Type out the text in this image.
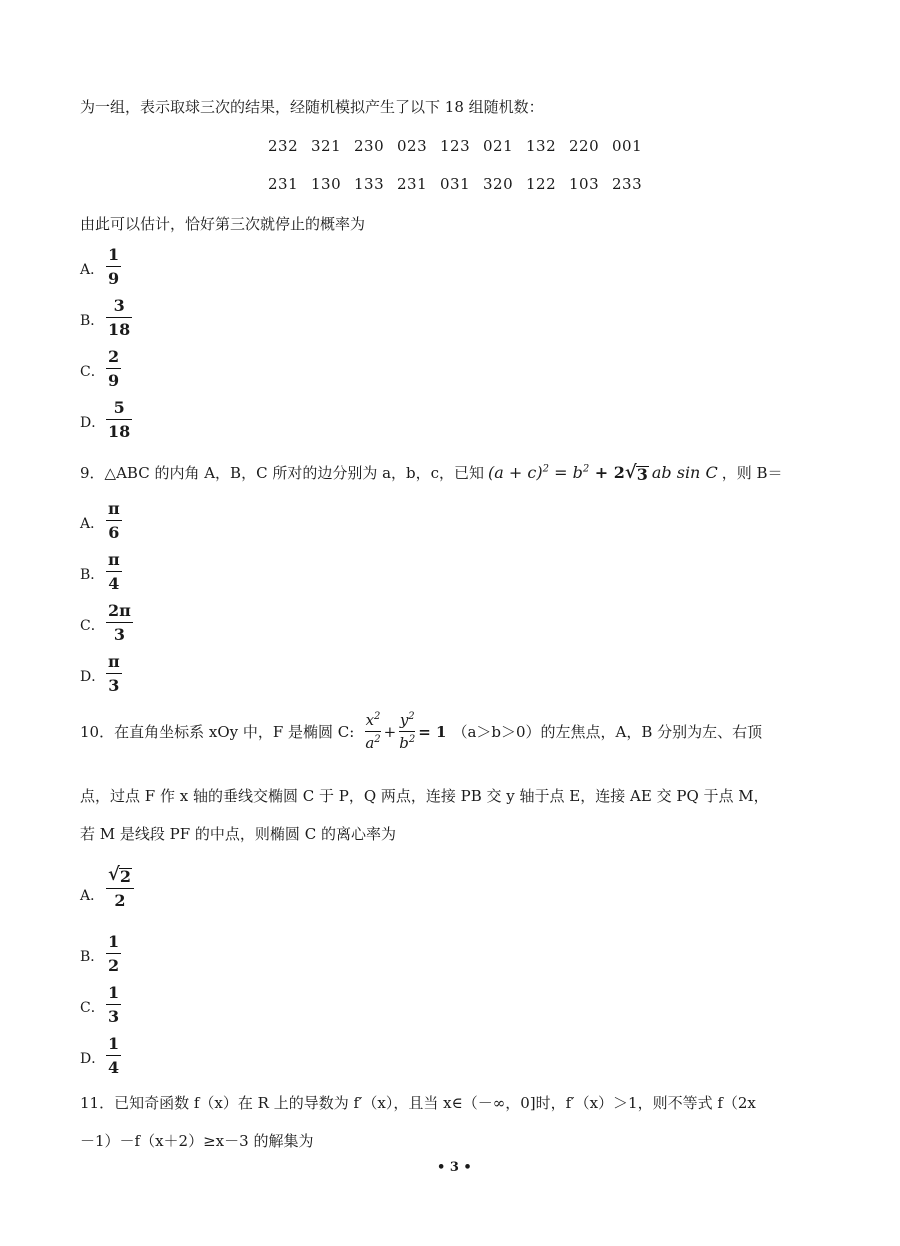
为一组，表示取球三次的结果，经随机模拟产生了以下 18 组随机数：
232 321 230 023 123 021 132 220 001
231 130 133 231 031 320 122 103 233
由此可以估计，恰好第三次就停止的概率为
A．
1
9
B．
3
18
C．
2
9
D．
5
18
9．△ABC 的内角 A，B，C 所对的边分别为 a，b，c，已知 $(a + c)^2 = b^2 + 2$ √ 3 ab sin C ，则 B＝
A．
π
6
B．
π
4
C．
2π
3
D．
π
3
10．在直角坐标系 xOy 中，F 是椭圆 C:
$x^2$
$a^2$ +
$y^2$
$b^2 = 1$ （a＞b＞0）的左焦点，A，B 分别为左、右顶
点，过点 F 作 x 轴的垂线交椭圆 C 于 P，Q 两点，连接 PB 交 y 轴于点 E，连接 AE 交 PQ 于点 M，
若 M 是线段 PF 的中点，则椭圆 C 的离心率为
A．
√ 2
2
B．
1
2
C．
1
3
D．
1
4
11．已知奇函数 f（x）在 R 上的导数为 f′（x），且当 x∈（－∞，0]时，f′（x）＞1，则不等式 f（2x
－1）－f（x＋2）≥x－3 的解集为
• 3 •
